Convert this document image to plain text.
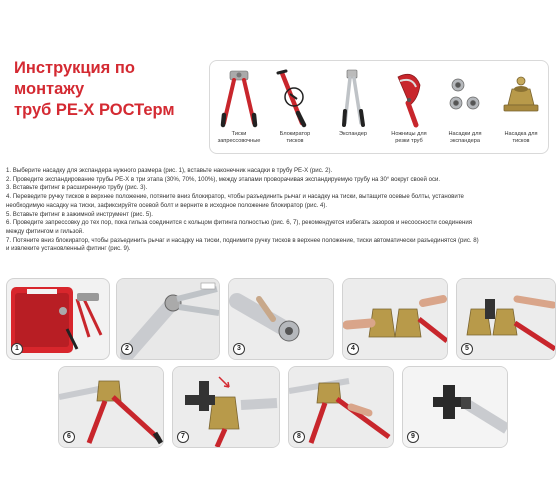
Инструкция по монтажу
труб PE-X РОСТерм
Тиски
запрессовочные
Блокиратор
тисков
Экспандер	Ножницы для
резки труб
Насадки для
экспандера
Насадка для
тисков
1. Выберите насадку для экспандера нужного размера (рис. 1), вставьте наконечник насадки в трубу PE-X (рис. 2).
2. Проведите экспандирование трубы PE-X в три этапа (30%, 70%, 100%), между этапами проворачивая экспандируемую трубу на 30° вокруг своей оси.
3. Вставьте фитинг в расширенную трубу (рис. 3).
4. Переведите ручку тисков в верхнее положение, потяните вниз блокиратор, чтобы разъединить рычаг и насадку на тиски, вытащите осевые болты, установите
необходимую насадку на тиски, зафиксируйте осевой болт и верните в исходное положение блокиратор (рис. 4).
5. Вставьте фитинг в зажимной инструмент (рис. 5).
6. Проведите запрессовку до тех пор, пока гильза соединится с кольцом фитинга полностью (рис. 6, 7), рекомендуется избегать зазоров и несоосности соединения
между фитингом и гильзой.
7. Потяните вниз блокиратор, чтобы разъединить рычаг и насадку на тиски, поднимите ручку тисков в верхнее положение, тиски автоматически разъединятся (рис. 8)
и извлеките установленный фитинг (рис. 9).
1	2	3	4	5
6	7	8	9
